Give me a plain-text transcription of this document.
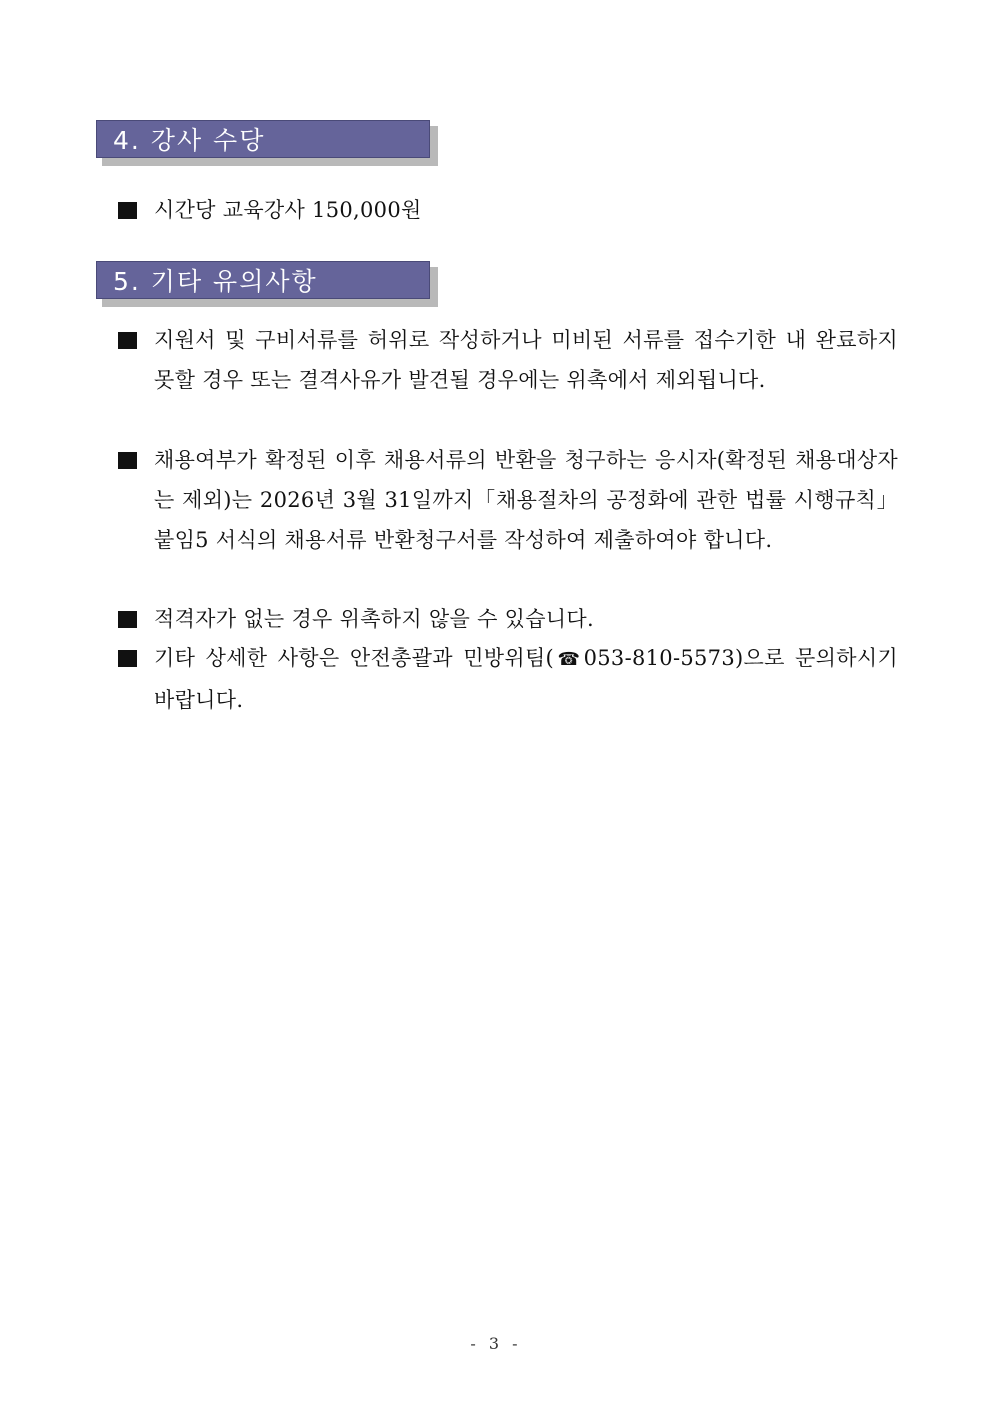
4. 강사 수당
시간당 교육강사 150,000원
5. 기타 유의사항
지원서 및 구비서류를 허위로 작성하거나 미비된 서류를 접수기한 내 완료하지 못할 경우 또는 결격사유가 발견될 경우에는 위촉에서 제외됩니다.
채용여부가 확정된 이후 채용서류의 반환을 청구하는 응시자(확정된 채용대상자는 제외)는 2026년 3월 31일까지「채용절차의 공정화에 관한 법률 시행규칙」붙임5 서식의 채용서류 반환청구서를 작성하여 제출하여야 합니다.
적격자가 없는 경우 위촉하지 않을 수 있습니다.
기타 상세한 사항은 안전총괄과 민방위팀(☎053-810-5573)으로 문의하시기 바랍니다.
- 3 -
